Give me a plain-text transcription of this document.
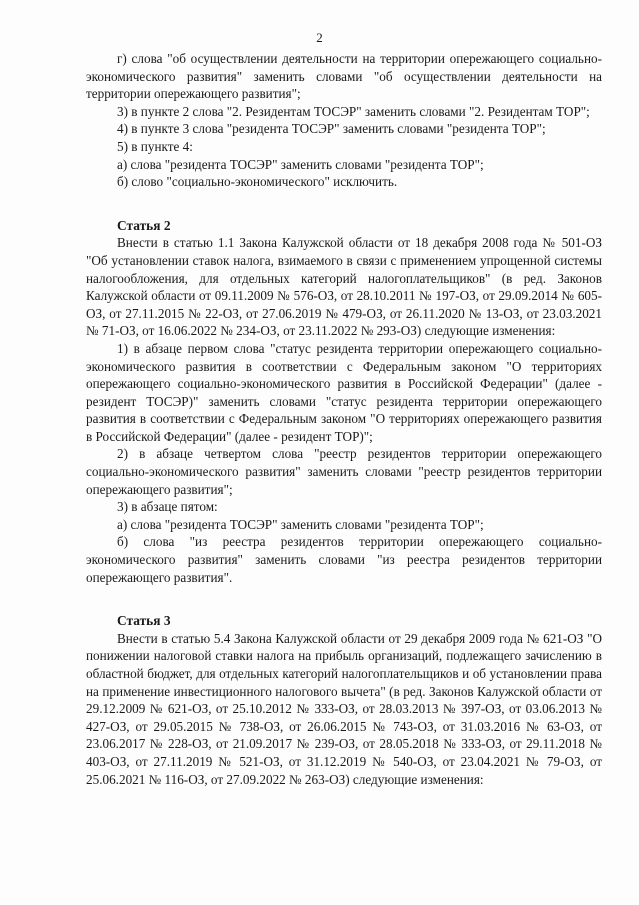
2

г) слова "об осуществлении деятельности на территории опережающего социально-экономического развития" заменить словами "об осуществлении деятельности на территории опережающего развития";

3) в пункте 2 слова "2. Резидентам ТОСЭР" заменить словами "2. Резидентам ТОР";

4) в пункте 3 слова "резидента ТОСЭР" заменить словами "резидента ТОР";

5) в пункте 4:

а) слова "резидента ТОСЭР" заменить словами "резидента ТОР";

б) слово "социально-экономического" исключить.

Статья 2

Внести в статью 1.1 Закона Калужской области от 18 декабря 2008 года № 501-ОЗ "Об установлении ставок налога, взимаемого в связи с применением упрощенной системы налогообложения, для отдельных категорий налогоплательщиков" (в ред. Законов Калужской области от 09.11.2009 № 576-ОЗ, от 28.10.2011 № 197-ОЗ, от 29.09.2014 № 605-ОЗ, от 27.11.2015 № 22-ОЗ, от 27.06.2019 № 479-ОЗ, от 26.11.2020 № 13-ОЗ, от 23.03.2021 № 71-ОЗ, от 16.06.2022 № 234-ОЗ, от 23.11.2022 № 293-ОЗ) следующие изменения:

1) в абзаце первом слова "статус резидента территории опережающего социально-экономического развития в соответствии с Федеральным законом "О территориях опережающего социально-экономического развития в Российской Федерации" (далее - резидент ТОСЭР)" заменить словами "статус резидента территории опережающего развития в соответствии с Федеральным законом "О территориях опережающего развития в Российской Федерации" (далее - резидент ТОР)";

2) в абзаце четвертом слова "реестр резидентов территории опережающего социально-экономического развития" заменить словами "реестр резидентов территории опережающего развития";

3) в абзаце пятом:

а) слова "резидента ТОСЭР" заменить словами "резидента ТОР";

б) слова "из реестра резидентов территории опережающего социально-экономического развития" заменить словами "из реестра резидентов территории опережающего развития".

Статья 3

Внести в статью 5.4 Закона Калужской области от 29 декабря 2009 года № 621-ОЗ "О понижении налоговой ставки налога на прибыль организаций, подлежащего зачислению в областной бюджет, для отдельных категорий налогоплательщиков и об установлении права на применение инвестиционного налогового вычета" (в ред. Законов Калужской области от 29.12.2009 № 621-ОЗ, от 25.10.2012 № 333-ОЗ, от 28.03.2013 № 397-ОЗ, от 03.06.2013 № 427-ОЗ, от 29.05.2015 № 738-ОЗ, от 26.06.2015 № 743-ОЗ, от 31.03.2016 № 63-ОЗ, от 23.06.2017 № 228-ОЗ, от 21.09.2017 № 239-ОЗ, от 28.05.2018 № 333-ОЗ, от 29.11.2018 № 403-ОЗ, от 27.11.2019 № 521-ОЗ, от 31.12.2019 № 540-ОЗ, от 23.04.2021 № 79-ОЗ, от 25.06.2021 № 116-ОЗ, от 27.09.2022 № 263-ОЗ) следующие изменения:
